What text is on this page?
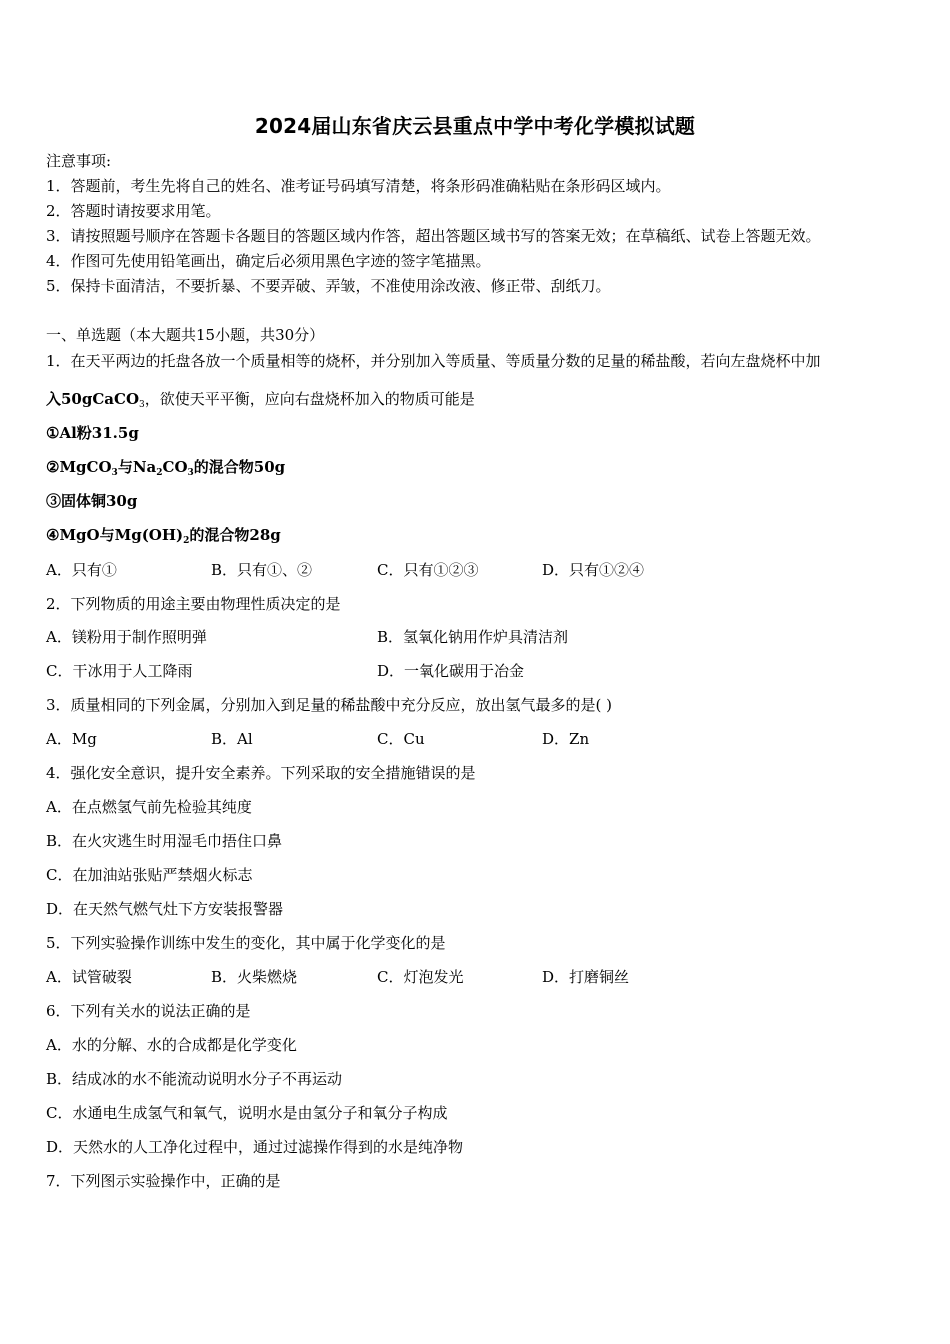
2024届山东省庆云县重点中学中考化学模拟试题
注意事项:
1．答题前，考生先将自己的姓名、准考证号码填写清楚，将条形码准确粘贴在条形码区域内。
2．答题时请按要求用笔。
3．请按照题号顺序在答题卡各题目的答题区域内作答，超出答题区域书写的答案无效；在草稿纸、试卷上答题无效。
4．作图可先使用铅笔画出，确定后必须用黑色字迹的签字笔描黑。
5．保持卡面清洁，不要折暴、不要弄破、弄皱，不准使用涂改液、修正带、刮纸刀。
一、单选题（本大题共15小题，共30分）
1．在天平两边的托盘各放一个质量相等的烧杯，并分别加入等质量、等质量分数的足量的稀盐酸，若向左盘烧杯中加
入50gCaCO$_3$，欲使天平平衡，应向右盘烧杯加入的物质可能是
①Al粉31.5g
②MgCO$_3$与$Na_2CO_3$的混合物50g
③固体铜30g
④MgO与$Mg(OH)_2$的混合物28g
A．只有①	B．只有①、②	C．只有①②③	D．只有①②④
2．下列物质的用途主要由物理性质决定的是
A．镁粉用于制作照明弹	B．氢氧化钠用作炉具清洁剂
C．干冰用于人工降雨	D．一氧化碳用于冶金
3．质量相同的下列金属，分别加入到足量的稀盐酸中充分反应，放出氢气最多的是( )
A．Mg	B．Al	C．Cu	D．Zn
4．强化安全意识，提升安全素养。下列采取的安全措施错误的是
A．在点燃氢气前先检验其纯度
B．在火灾逃生时用湿毛巾捂住口鼻
C．在加油站张贴严禁烟火标志
D．在天然气燃气灶下方安装报警器
5．下列实验操作训练中发生的变化，其中属于化学变化的是
A．试管破裂	B．火柴燃烧	C．灯泡发光	D．打磨铜丝
6．下列有关水的说法正确的是
A．水的分解、水的合成都是化学变化
B．结成冰的水不能流动说明水分子不再运动
C．水通电生成氢气和氧气，说明水是由氢分子和氧分子构成
D．天然水的人工净化过程中，通过过滤操作得到的水是纯净物
7．下列图示实验操作中，正确的是
